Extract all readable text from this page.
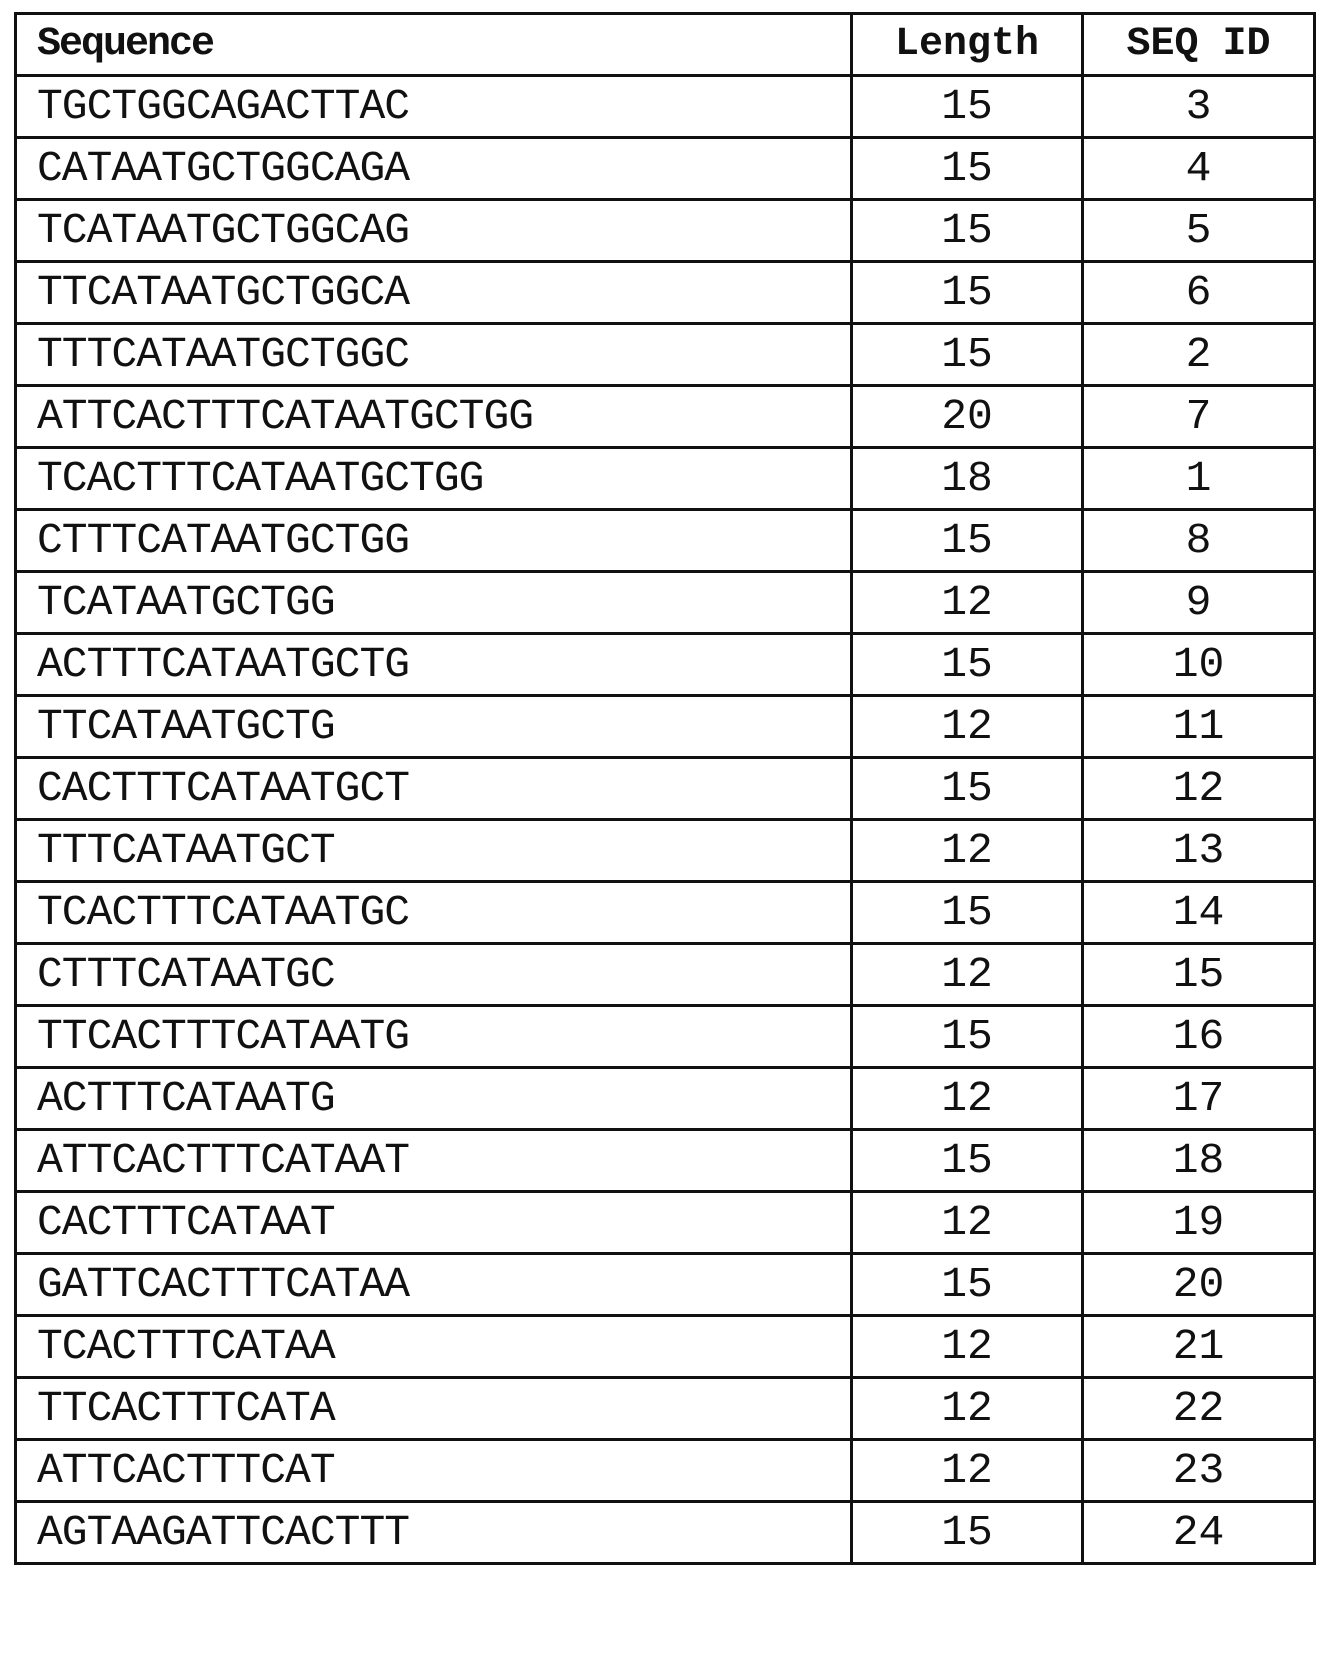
Sequence	Length	SEQ ID
TGCTGGCAGACTTAC	15	3
CATAATGCTGGCAGA	15	4
TCATAATGCTGGCAG	15	5
TTCATAATGCTGGCA	15	6
TTTCATAATGCTGGC	15	2
ATTCACTTTCATAATGCTGG	20	7
TCACTTTCATAATGCTGG	18	1
CTTTCATAATGCTGG	15	8
TCATAATGCTGG	12	9
ACTTTCATAATGCTG	15	10
TTCATAATGCTG	12	11
CACTTTCATAATGCT	15	12
TTTCATAATGCT	12	13
TCACTTTCATAATGC	15	14
CTTTCATAATGC	12	15
TTCACTTTCATAATG	15	16
ACTTTCATAATG	12	17
ATTCACTTTCATAAT	15	18
CACTTTCATAAT	12	19
GATTCACTTTCATAA	15	20
TCACTTTCATAA	12	21
TTCACTTTCATA	12	22
ATTCACTTTCAT	12	23
AGTAAGATTCACTTT	15	24
